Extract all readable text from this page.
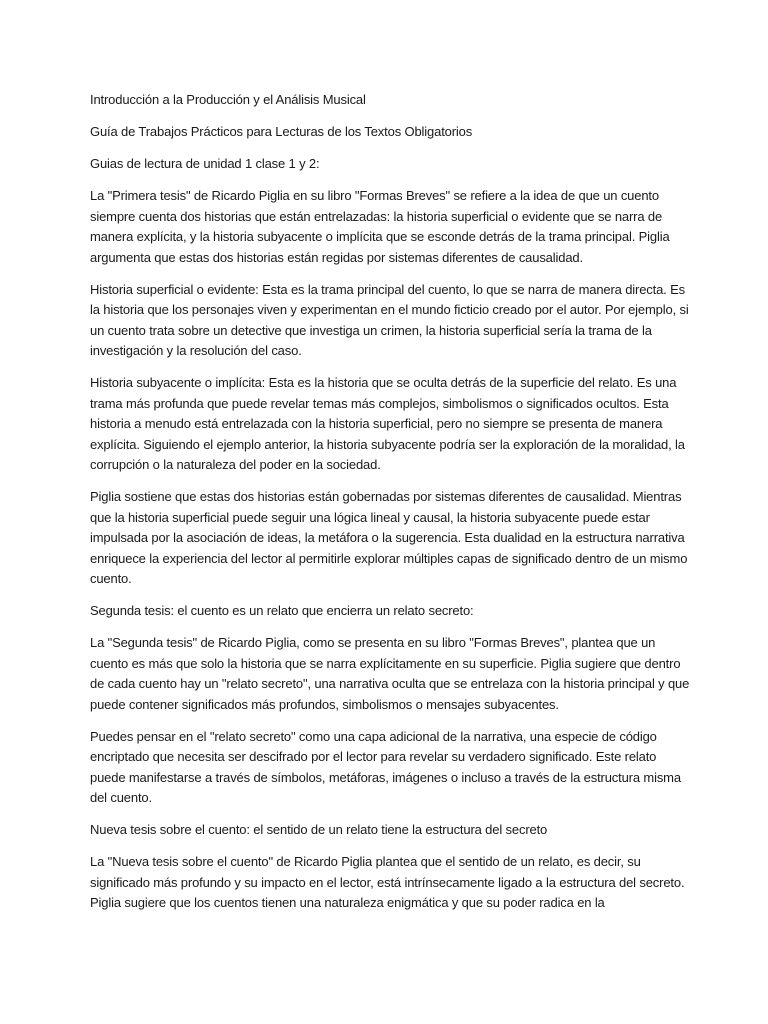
Introducción a la Producción y el Análisis Musical

Guía de Trabajos Prácticos para Lecturas de los Textos Obligatorios

Guias de lectura de unidad 1 clase 1 y 2:

La "Primera tesis" de Ricardo Piglia en su libro "Formas Breves" se refiere a la idea de que un cuento siempre cuenta dos historias que están entrelazadas: la historia superficial o evidente que se narra de manera explícita, y la historia subyacente o implícita que se esconde detrás de la trama principal. Piglia argumenta que estas dos historias están regidas por sistemas diferentes de causalidad.

Historia superficial o evidente: Esta es la trama principal del cuento, lo que se narra de manera directa. Es la historia que los personajes viven y experimentan en el mundo ficticio creado por el autor. Por ejemplo, si un cuento trata sobre un detective que investiga un crimen, la historia superficial sería la trama de la investigación y la resolución del caso.

Historia subyacente o implícita: Esta es la historia que se oculta detrás de la superficie del relato. Es una trama más profunda que puede revelar temas más complejos, simbolismos o significados ocultos. Esta historia a menudo está entrelazada con la historia superficial, pero no siempre se presenta de manera explícita. Siguiendo el ejemplo anterior, la historia subyacente podría ser la exploración de la moralidad, la corrupción o la naturaleza del poder en la sociedad.

Piglia sostiene que estas dos historias están gobernadas por sistemas diferentes de causalidad. Mientras que la historia superficial puede seguir una lógica lineal y causal, la historia subyacente puede estar impulsada por la asociación de ideas, la metáfora o la sugerencia. Esta dualidad en la estructura narrativa enriquece la experiencia del lector al permitirle explorar múltiples capas de significado dentro de un mismo cuento.

Segunda tesis: el cuento es un relato que encierra un relato secreto:

La "Segunda tesis" de Ricardo Piglia, como se presenta en su libro "Formas Breves", plantea que un cuento es más que solo la historia que se narra explícitamente en su superficie. Piglia sugiere que dentro de cada cuento hay un "relato secreto", una narrativa oculta que se entrelaza con la historia principal y que puede contener significados más profundos, simbolismos o mensajes subyacentes.

Puedes pensar en el "relato secreto" como una capa adicional de la narrativa, una especie de código encriptado que necesita ser descifrado por el lector para revelar su verdadero significado. Este relato puede manifestarse a través de símbolos, metáforas, imágenes o incluso a través de la estructura misma del cuento.

Nueva tesis sobre el cuento: el sentido de un relato tiene la estructura del secreto

La "Nueva tesis sobre el cuento" de Ricardo Piglia plantea que el sentido de un relato, es decir, su significado más profundo y su impacto en el lector, está intrínsecamente ligado a la estructura del secreto. Piglia sugiere que los cuentos tienen una naturaleza enigmática y que su poder radica en la
